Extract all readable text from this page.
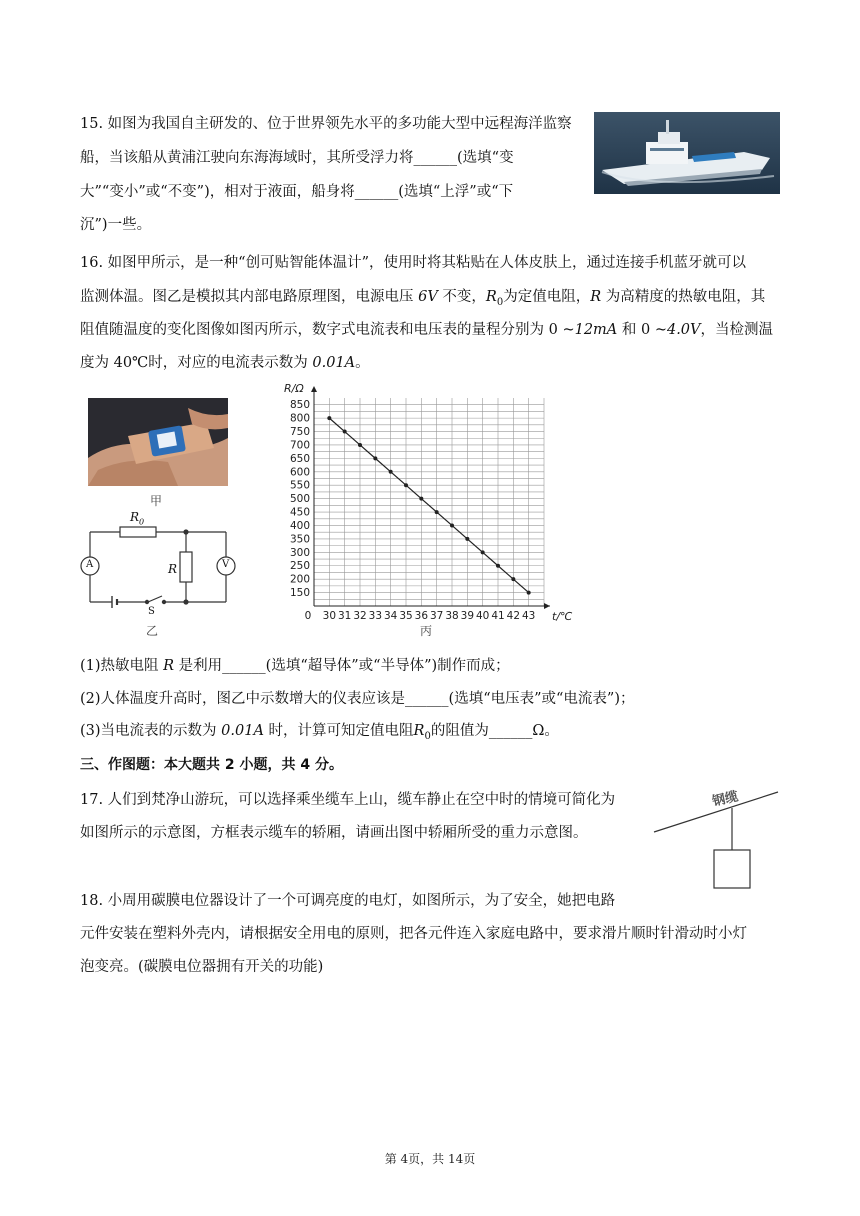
15. 如图为我国自主研发的、位于世界领先水平的多功能大型中远程海洋监察
船，当该船从黄浦江驶向东海海域时，其所受浮力将______(选填“变
大”“变小”或“不变”)，相对于液面，船身将______(选填“上浮”或“下
沉”)一些。
16. 如图甲所示，是一种“创可贴智能体温计”，使用时将其粘贴在人体皮肤上，通过连接手机蓝牙就可以
监测体温。图乙是模拟其内部电路原理图，电源电压 6V 不变，$R_0$为定值电阻，R 为高精度的热敏电阻，其
阻值随温度的变化图像如图丙所示，数字式电流表和电压表的量程分别为 0 ~12mA 和 0 ~4.0V，当检测温
度为 40℃时，对应的电流表示数为 0.01A。
甲
$R_0$
R
A	V
S
乙
850
800
750
700
650
600
550
500
450
400
350
300
250
200
150
0 30 31 32 33 34 35 36 37 38 39 40 41 42 43 t/℃
R/Ω
丙
(1)热敏电阻 R 是利用______(选填“超导体”或“半导体”)制作而成；
(2)人体温度升高时，图乙中示数增大的仪表应该是______(选填“电压表”或“电流表”)；
(3)当电流表的示数为 0.01A 时，计算可知定值电阻$R_0$的阻值为______Ω。
三、作图题：本大题共 2 小题，共 4 分。
17. 人们到梵净山游玩，可以选择乘坐缆车上山，缆车静止在空中时的情境可简化为
如图所示的示意图，方框表示缆车的轿厢，请画出图中轿厢所受的重力示意图。
钢缆
18. 小周用碳膜电位器设计了一个可调亮度的电灯，如图所示，为了安全，她把电路
元件安装在塑料外壳内，请根据安全用电的原则，把各元件连入家庭电路中，要求滑片顺时针滑动时小灯
泡变亮。(碳膜电位器拥有开关的功能)
第 4页，共 14页
